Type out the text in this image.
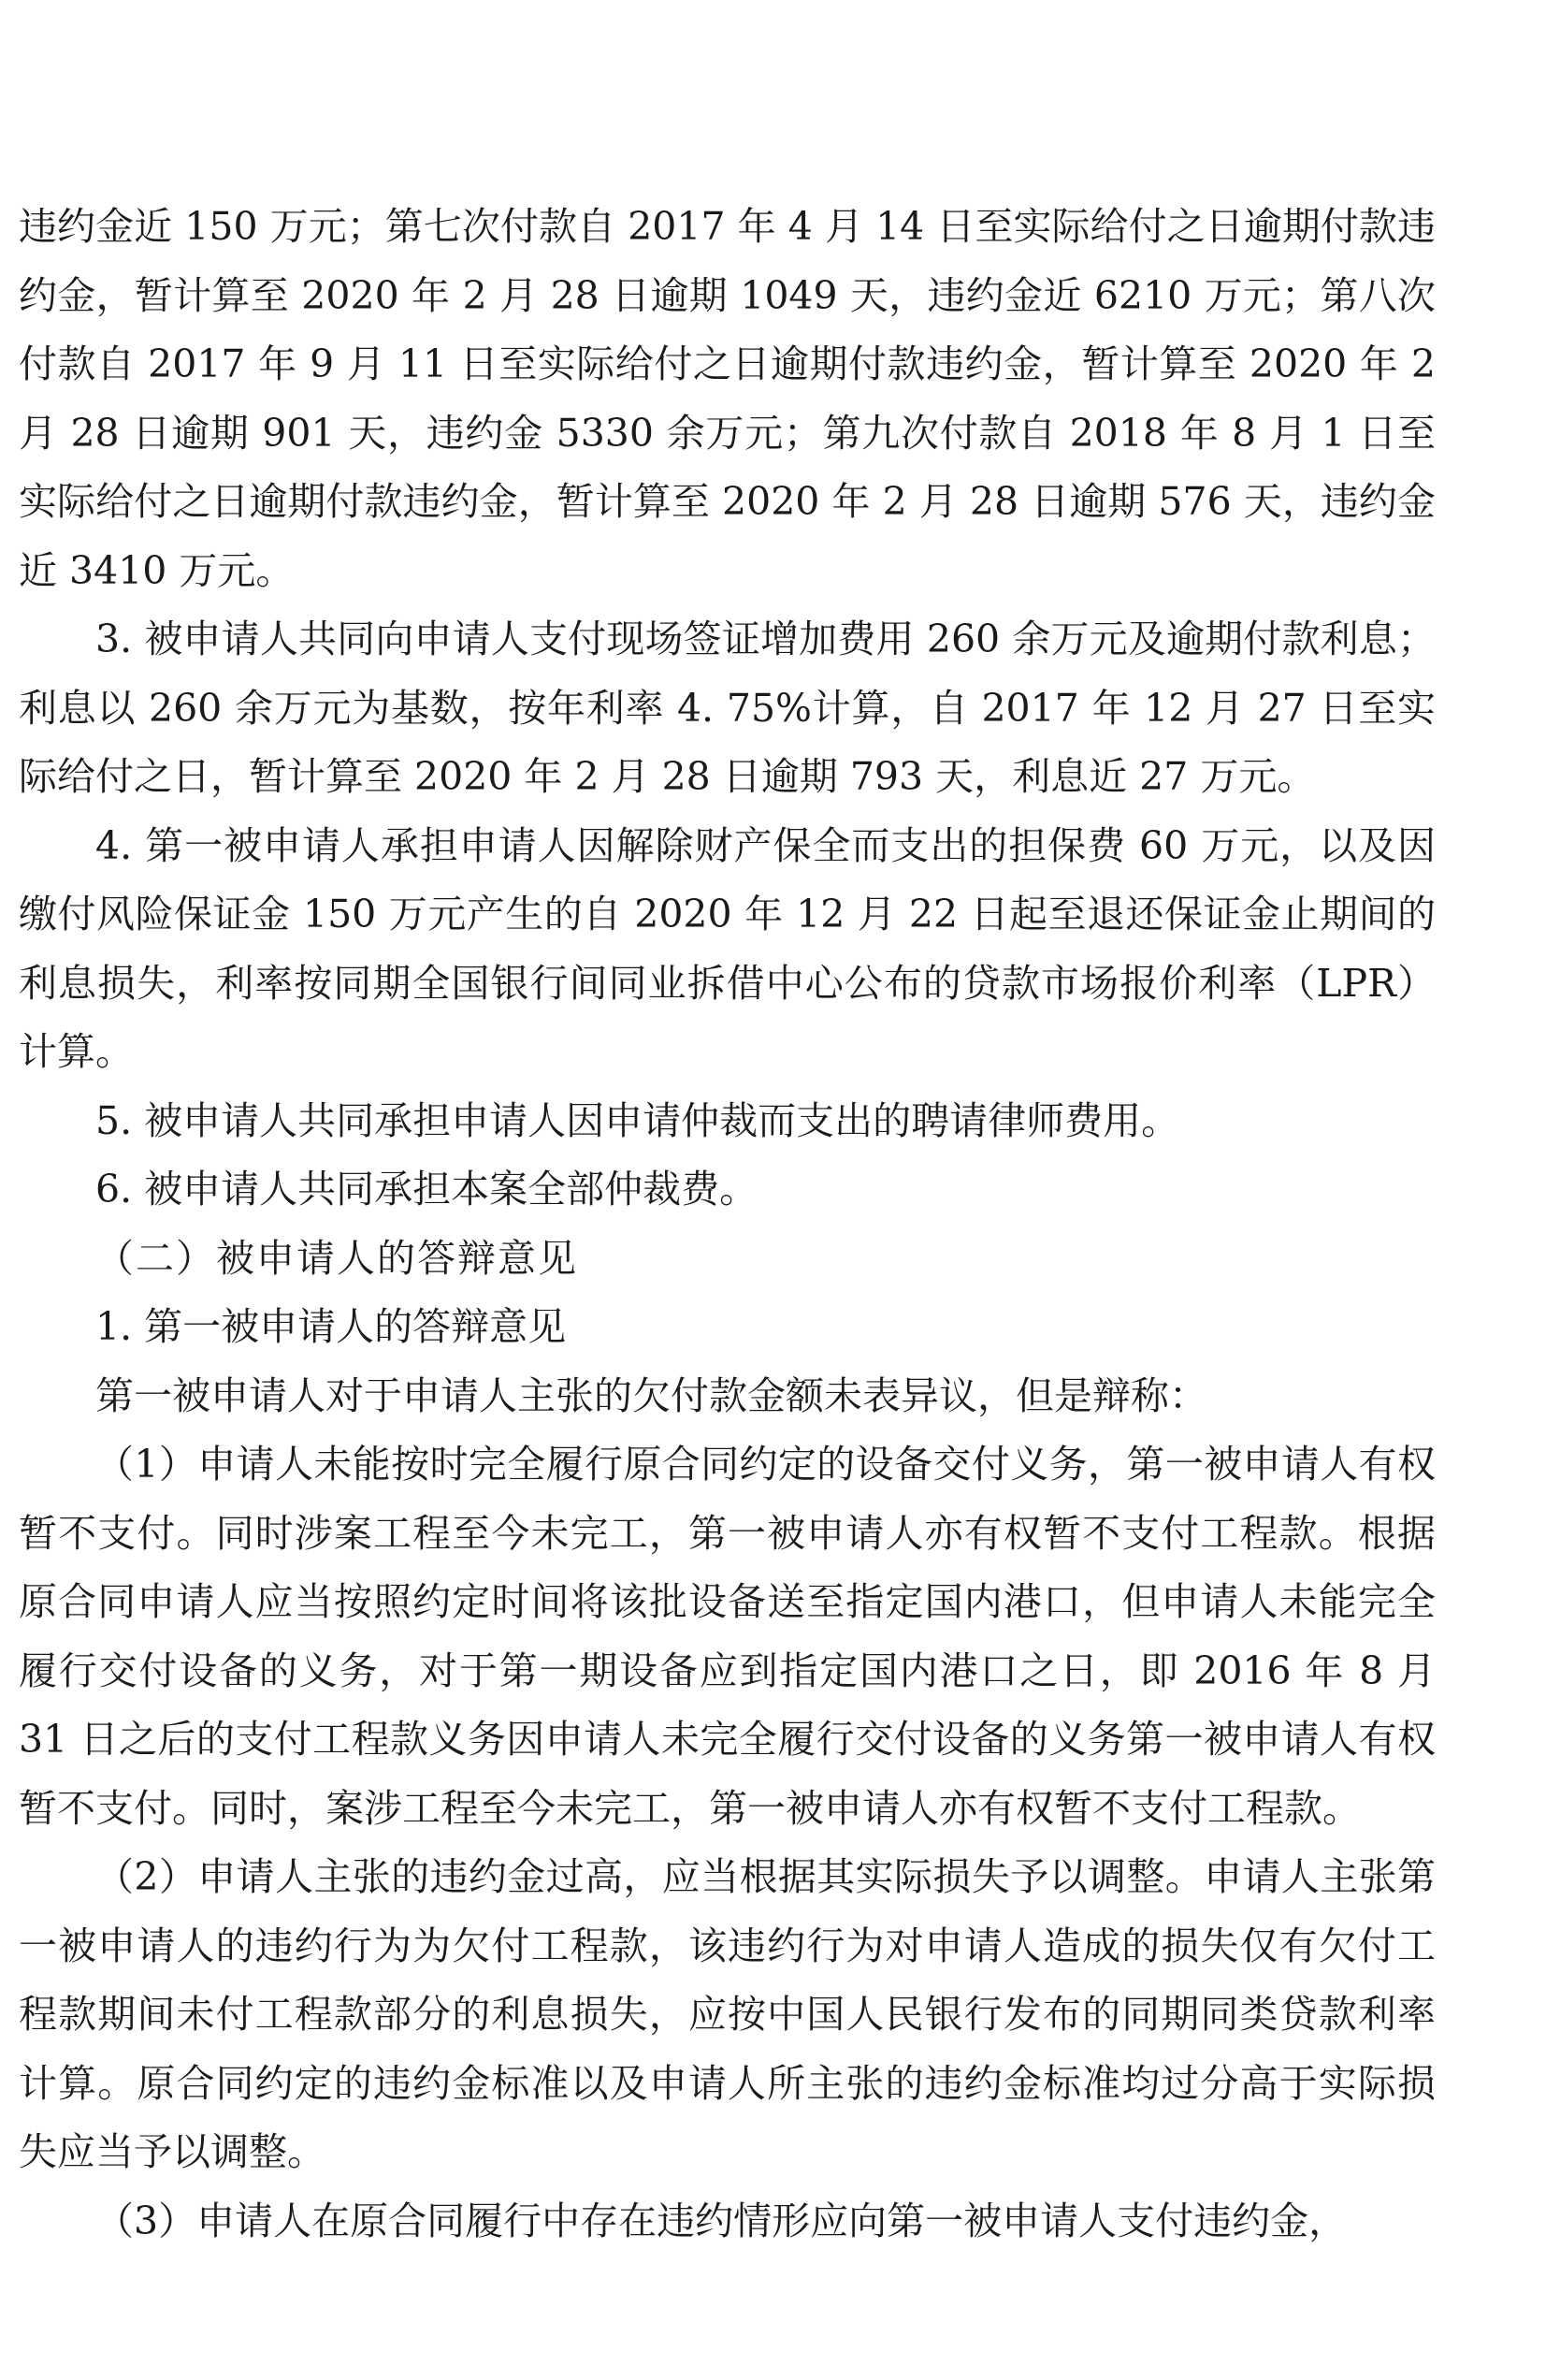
违约金近 150 万元；第七次付款自 2017 年 4 月 14 日至实际给付之日逾期付款违约金，暂计算至 2020 年 2 月 28 日逾期 1049 天，违约金近 6210 万元；第八次付款自 2017 年 9 月 11 日至实际给付之日逾期付款违约金，暂计算至 2020 年 2 月 28 日逾期 901 天，违约金 5330 余万元；第九次付款自 2018 年 8 月 1 日至实际给付之日逾期付款违约金，暂计算至 2020 年 2 月 28 日逾期 576 天，违约金近 3410 万元。

3. 被申请人共同向申请人支付现场签证增加费用 260 余万元及逾期付款利息；利息以 260 余万元为基数，按年利率 4. 75%计算，自 2017 年 12 月 27 日至实际给付之日，暂计算至 2020 年 2 月 28 日逾期 793 天，利息近 27 万元。

4. 第一被申请人承担申请人因解除财产保全而支出的担保费 60 万元，以及因缴付风险保证金 150 万元产生的自 2020 年 12 月 22 日起至退还保证金止期间的利息损失，利率按同期全国银行间同业拆借中心公布的贷款市场报价利率（LPR）计算。

5. 被申请人共同承担申请人因申请仲裁而支出的聘请律师费用。

6. 被申请人共同承担本案全部仲裁费。

（二）被申请人的答辩意见

1. 第一被申请人的答辩意见

第一被申请人对于申请人主张的欠付款金额未表异议，但是辩称：

（1）申请人未能按时完全履行原合同约定的设备交付义务，第一被申请人有权暂不支付。同时涉案工程至今未完工，第一被申请人亦有权暂不支付工程款。根据原合同申请人应当按照约定时间将该批设备送至指定国内港口，但申请人未能完全履行交付设备的义务，对于第一期设备应到指定国内港口之日，即 2016 年 8 月 31 日之后的支付工程款义务因申请人未完全履行交付设备的义务第一被申请人有权暂不支付。同时，案涉工程至今未完工，第一被申请人亦有权暂不支付工程款。

（2）申请人主张的违约金过高，应当根据其实际损失予以调整。申请人主张第一被申请人的违约行为为欠付工程款，该违约行为对申请人造成的损失仅有欠付工程款期间未付工程款部分的利息损失，应按中国人民银行发布的同期同类贷款利率计算。原合同约定的违约金标准以及申请人所主张的违约金标准均过分高于实际损失应当予以调整。

（3）申请人在原合同履行中存在违约情形应向第一被申请人支付违约金，
